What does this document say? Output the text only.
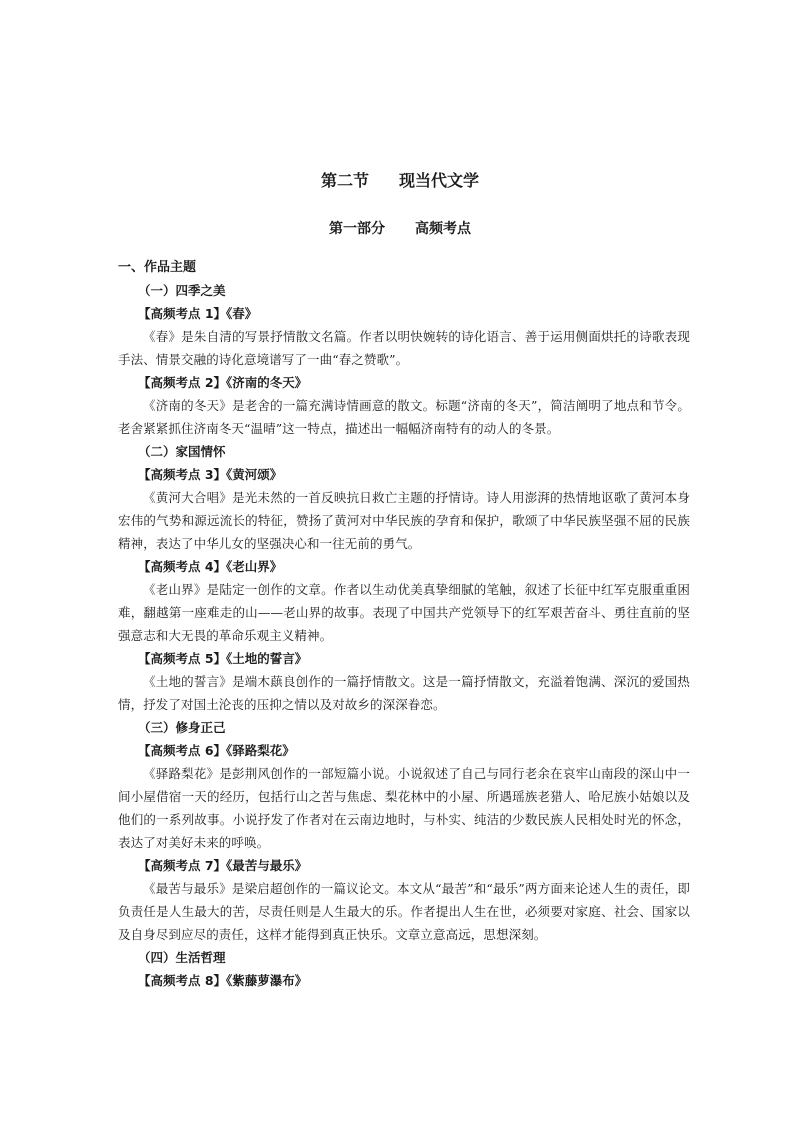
第二节 现当代文学
第一部分 高频考点
一、作品主题
（一）四季之美
【高频考点 1】《春》
《春》是朱自清的写景抒情散文名篇。作者以明快婉转的诗化语言、善于运用侧面烘托的诗歌表现手法、情景交融的诗化意境谱写了一曲“春之赞歌”。
【高频考点 2】《济南的冬天》
《济南的冬天》是老舍的一篇充满诗情画意的散文。标题“济南的冬天”，简洁阐明了地点和节令。老舍紧紧抓住济南冬天“温晴”这一特点，描述出一幅幅济南特有的动人的冬景。
（二）家国情怀
【高频考点 3】《黄河颂》
《黄河大合唱》是光未然的一首反映抗日救亡主题的抒情诗。诗人用澎湃的热情地讴歌了黄河本身宏伟的气势和源远流长的特征，赞扬了黄河对中华民族的孕育和保护，歌颂了中华民族坚强不屈的民族精神，表达了中华儿女的坚强决心和一往无前的勇气。
【高频考点 4】《老山界》
《老山界》是陆定一创作的文章。作者以生动优美真挚细腻的笔触，叙述了长征中红军克服重重困难，翻越第一座难走的山——老山界的故事。表现了中国共产党领导下的红军艰苦奋斗、勇往直前的坚强意志和大无畏的革命乐观主义精神。
【高频考点 5】《土地的誓言》
《土地的誓言》是端木蕻良创作的一篇抒情散文。这是一篇抒情散文，充溢着饱满、深沉的爱国热情，抒发了对国土沦丧的压抑之情以及对故乡的深深眷恋。
（三）修身正己
【高频考点 6】《驿路梨花》
《驿路梨花》是彭荆风创作的一部短篇小说。小说叙述了自己与同行老余在哀牢山南段的深山中一间小屋借宿一天的经历，包括行山之苦与焦虑、梨花林中的小屋、所遇瑶族老猎人、哈尼族小姑娘以及他们的一系列故事。小说抒发了作者对在云南边地时，与朴实、纯洁的少数民族人民相处时光的怀念，表达了对美好未来的呼唤。
【高频考点 7】《最苦与最乐》
《最苦与最乐》是梁启超创作的一篇议论文。本文从“最苦”和“最乐”两方面来论述人生的责任，即负责任是人生最大的苦，尽责任则是人生最大的乐。作者提出人生在世，必须要对家庭、社会、国家以及自身尽到应尽的责任，这样才能得到真正快乐。文章立意高远，思想深刻。
（四）生活哲理
【高频考点 8】《紫藤萝瀑布》
